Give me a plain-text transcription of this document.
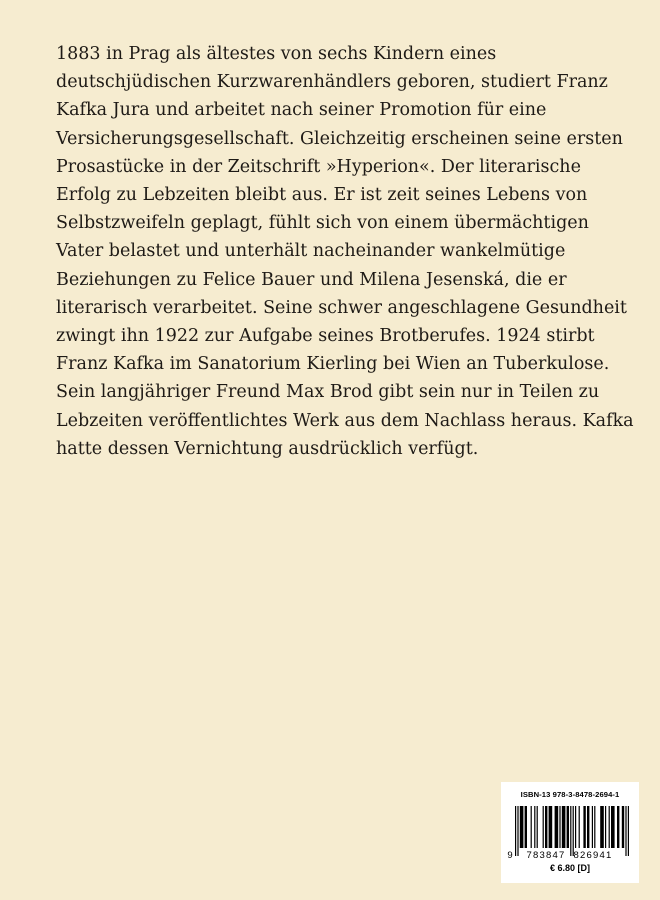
1883 in Prag als ältestes von sechs Kindern eines
deutschjüdischen Kurzwarenhändlers geboren, studiert Franz
Kafka Jura und arbeitet nach seiner Promotion für eine
Versicherungsgesellschaft. Gleichzeitig erscheinen seine ersten
Prosastücke in der Zeitschrift »Hyperion«. Der literarische
Erfolg zu Lebzeiten bleibt aus. Er ist zeit seines Lebens von
Selbstzweifeln geplagt, fühlt sich von einem übermächtigen
Vater belastet und unterhält nacheinander wankelmütige
Beziehungen zu Felice Bauer und Milena Jesenská, die er
literarisch verarbeitet. Seine schwer angeschlagene Gesundheit
zwingt ihn 1922 zur Aufgabe seines Brotberufes. 1924 stirbt
Franz Kafka im Sanatorium Kierling bei Wien an Tuberkulose.
Sein langjähriger Freund Max Brod gibt sein nur in Teilen zu
Lebzeiten veröffentlichtes Werk aus dem Nachlass heraus. Kafka
hatte dessen Vernichtung ausdrücklich verfügt.

ISBN-13 978-3-8478-2694-1
9 783847 826941
€ 6.80 [D]
